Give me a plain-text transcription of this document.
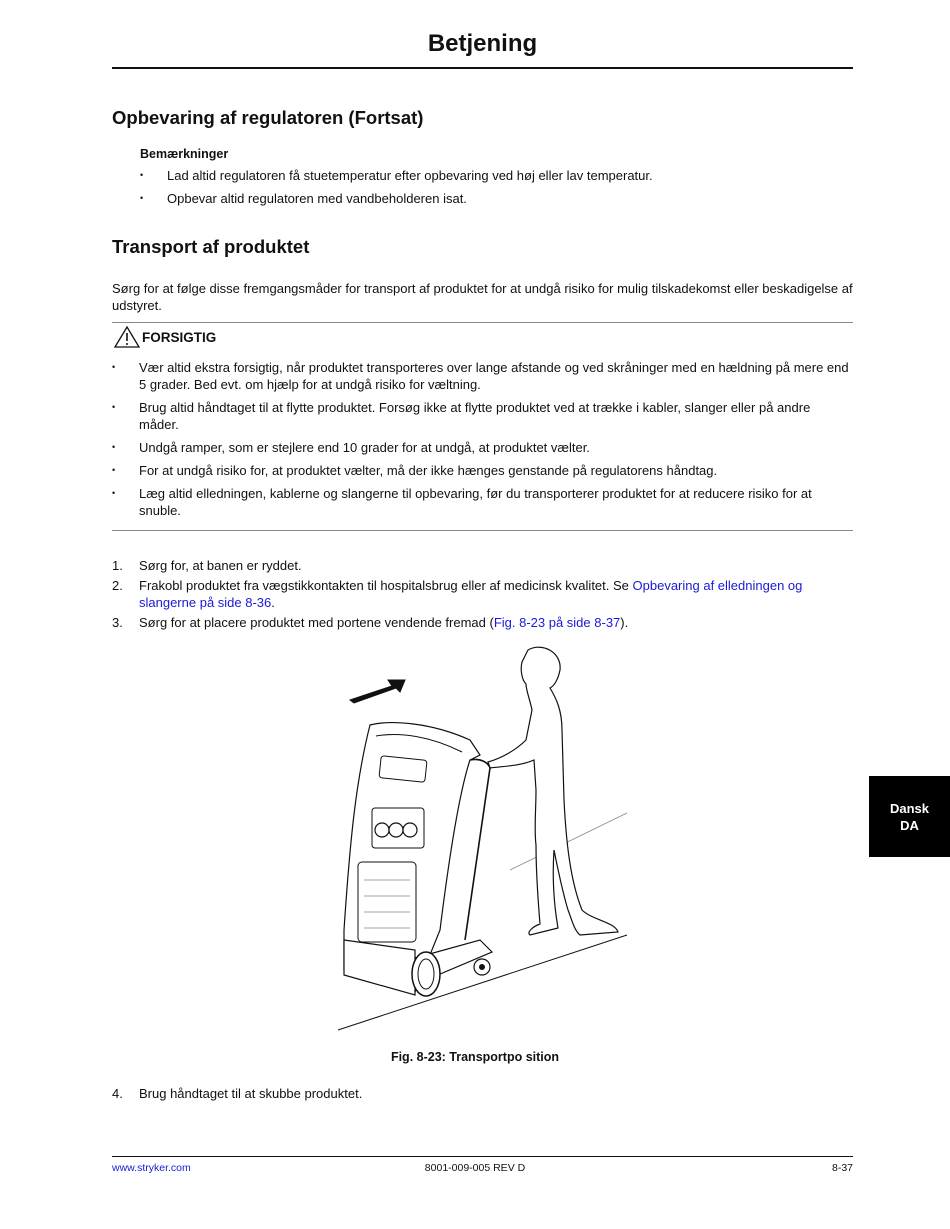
Betjening
Opbevaring af regulatoren (Fortsat)
Bemærkninger
• Lad altid regulatoren få stuetemperatur efter opbevaring ved høj eller lav temperatur.
• Opbevar altid regulatoren med vandbeholderen isat.
Transport af produktet

Sørg for at følge disse fremgangsmåder for transport af produktet for at undgå risiko for mulig tilskadekomst eller beskadigelse af udstyret.

FORSIGTIG
• Vær altid ekstra forsigtig, når produktet transporteres over lange afstande og ved skråninger med en hældning på mere end 5 grader. Bed evt. om hjælp for at undgå risiko for væltning.
• Brug altid håndtaget til at flytte produktet. Forsøg ikke at flytte produktet ved at trække i kabler, slanger eller på andre måder.
• Undgå ramper, som er stejlere end 10 grader for at undgå, at produktet vælter.
• For at undgå risiko for, at produktet vælter, må der ikke hænges genstande på regulatorens håndtag.
• Læg altid elledningen, kablerne og slangerne til opbevaring, før du transporterer produktet for at reducere risiko for at snuble.
1. Sørg for, at banen er ryddet.
2. Frakobl produktet fra vægstikkontakten til hospitalsbrug eller af medicinsk kvalitet. Se Opbevaring af elledningen og slangerne på side 8-36.
3. Sørg for at placere produktet med portene vendende fremad (Fig. 8-23 på side 8-37).
Fig. 8-23: Transportpo sition
4. Brug håndtaget til at skubbe produktet.
Dansk
DA
www.stryker.com	8001-009-005 REV D	8-37
